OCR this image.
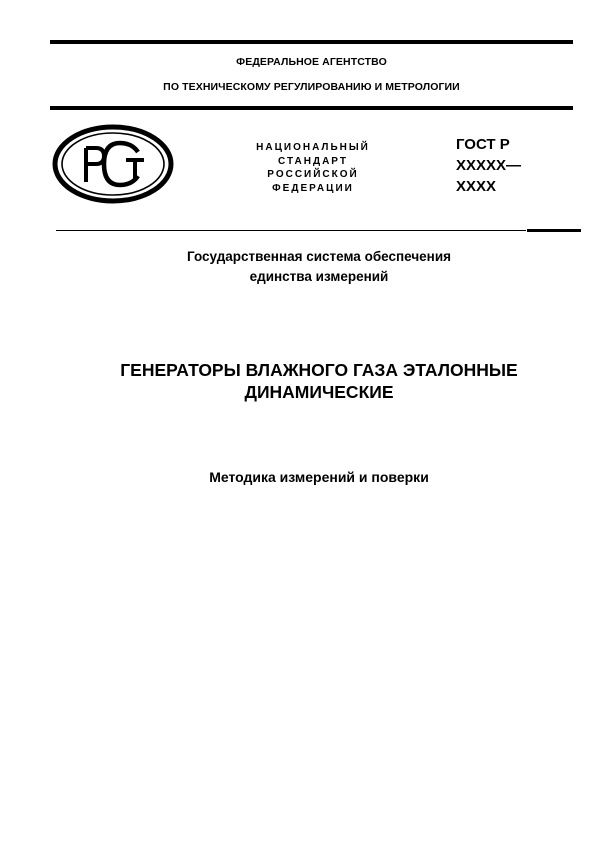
ФЕДЕРАЛЬНОЕ АГЕНТСТВО
ПО ТЕХНИЧЕСКОМУ РЕГУЛИРОВАНИЮ И МЕТРОЛОГИИ
НАЦИОНАЛЬНЫЙ
СТАНДАРТ
РОССИЙСКОЙ
ФЕДЕРАЦИИ
ГОСТ Р
ХХХХХ—
ХХХХ
Государственная система обеспечения
единства измерений
ГЕНЕРАТОРЫ ВЛАЖНОГО ГАЗА ЭТАЛОННЫЕ
ДИНАМИЧЕСКИЕ
Методика измерений и поверки
